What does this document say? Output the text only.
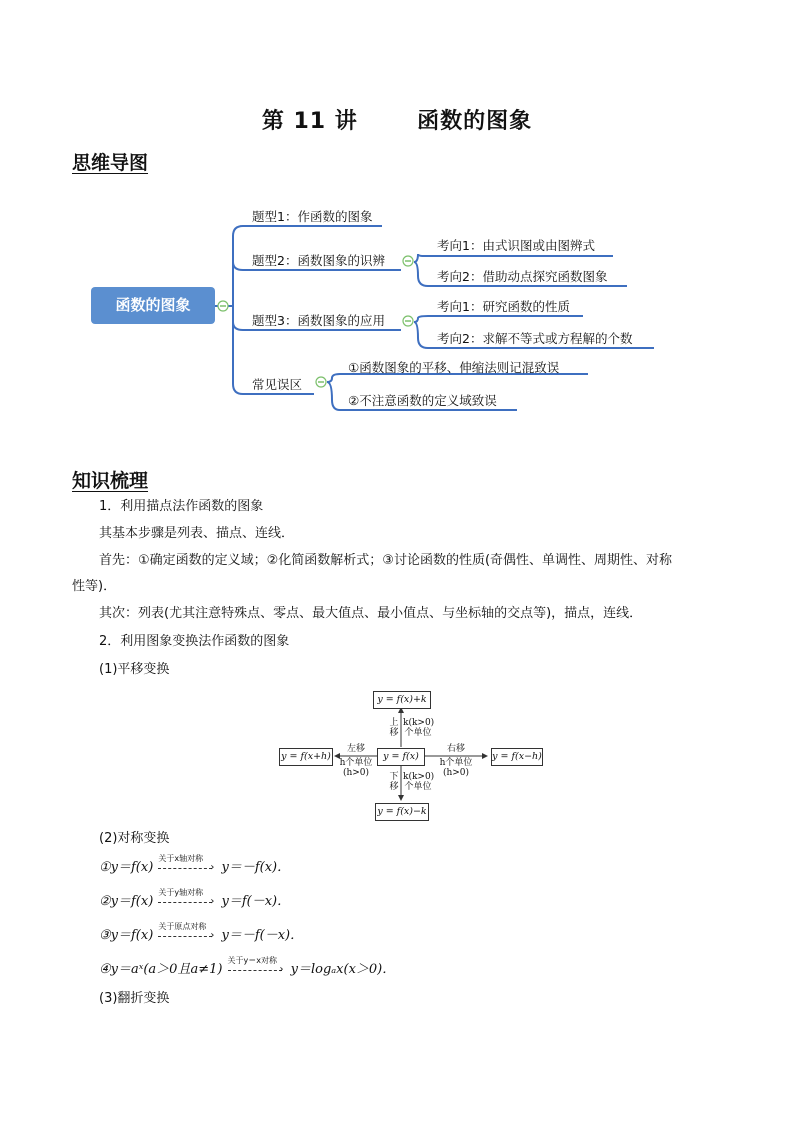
第 11 讲	函数的图象
思维导图
函数的图象
题型1：作函数的图象
题型2：函数图象的识辨
题型3：函数图象的应用
常见误区
考向1：由式识图或由图辨式
考向2：借助动点探究函数图象
考向1：研究函数的性质
考向2：求解不等式或方程解的个数
①函数图象的平移、伸缩法则记混致误
②不注意函数的定义域致误
知识梳理
1．利用描点法作函数的图象
其基本步骤是列表、描点、连线．
首先：①确定函数的定义域；②化简函数解析式；③讨论函数的性质(奇偶性、单调性、周期性、对称
性等)．
其次：列表(尤其注意特殊点、零点、最大值点、最小值点、与坐标轴的交点等)，描点，连线．
2．利用图象变换法作函数的图象
(1)平移变换
y = f(x)+k
y = f(x)
y = f(x+h)	y = f(x−h)
y = f(x)−k
上
移
k(k>0)
个单位
下
移
k(k>0)
个单位
左移
h个单位
(h>0)
右移
h个单位
(h>0)
(2)对称变换
①y＝f(x)
关于x轴对称
› y＝－f(x)．
②y＝f(x)
关于y轴对称
› y＝f(－x)．
③y＝f(x)
关于原点对称
› y＝－f(－x)．
④y＝aˣ(a＞0且a≠1)
关于y＝x对称
› y＝logₐx(x＞0)．
(3)翻折变换
